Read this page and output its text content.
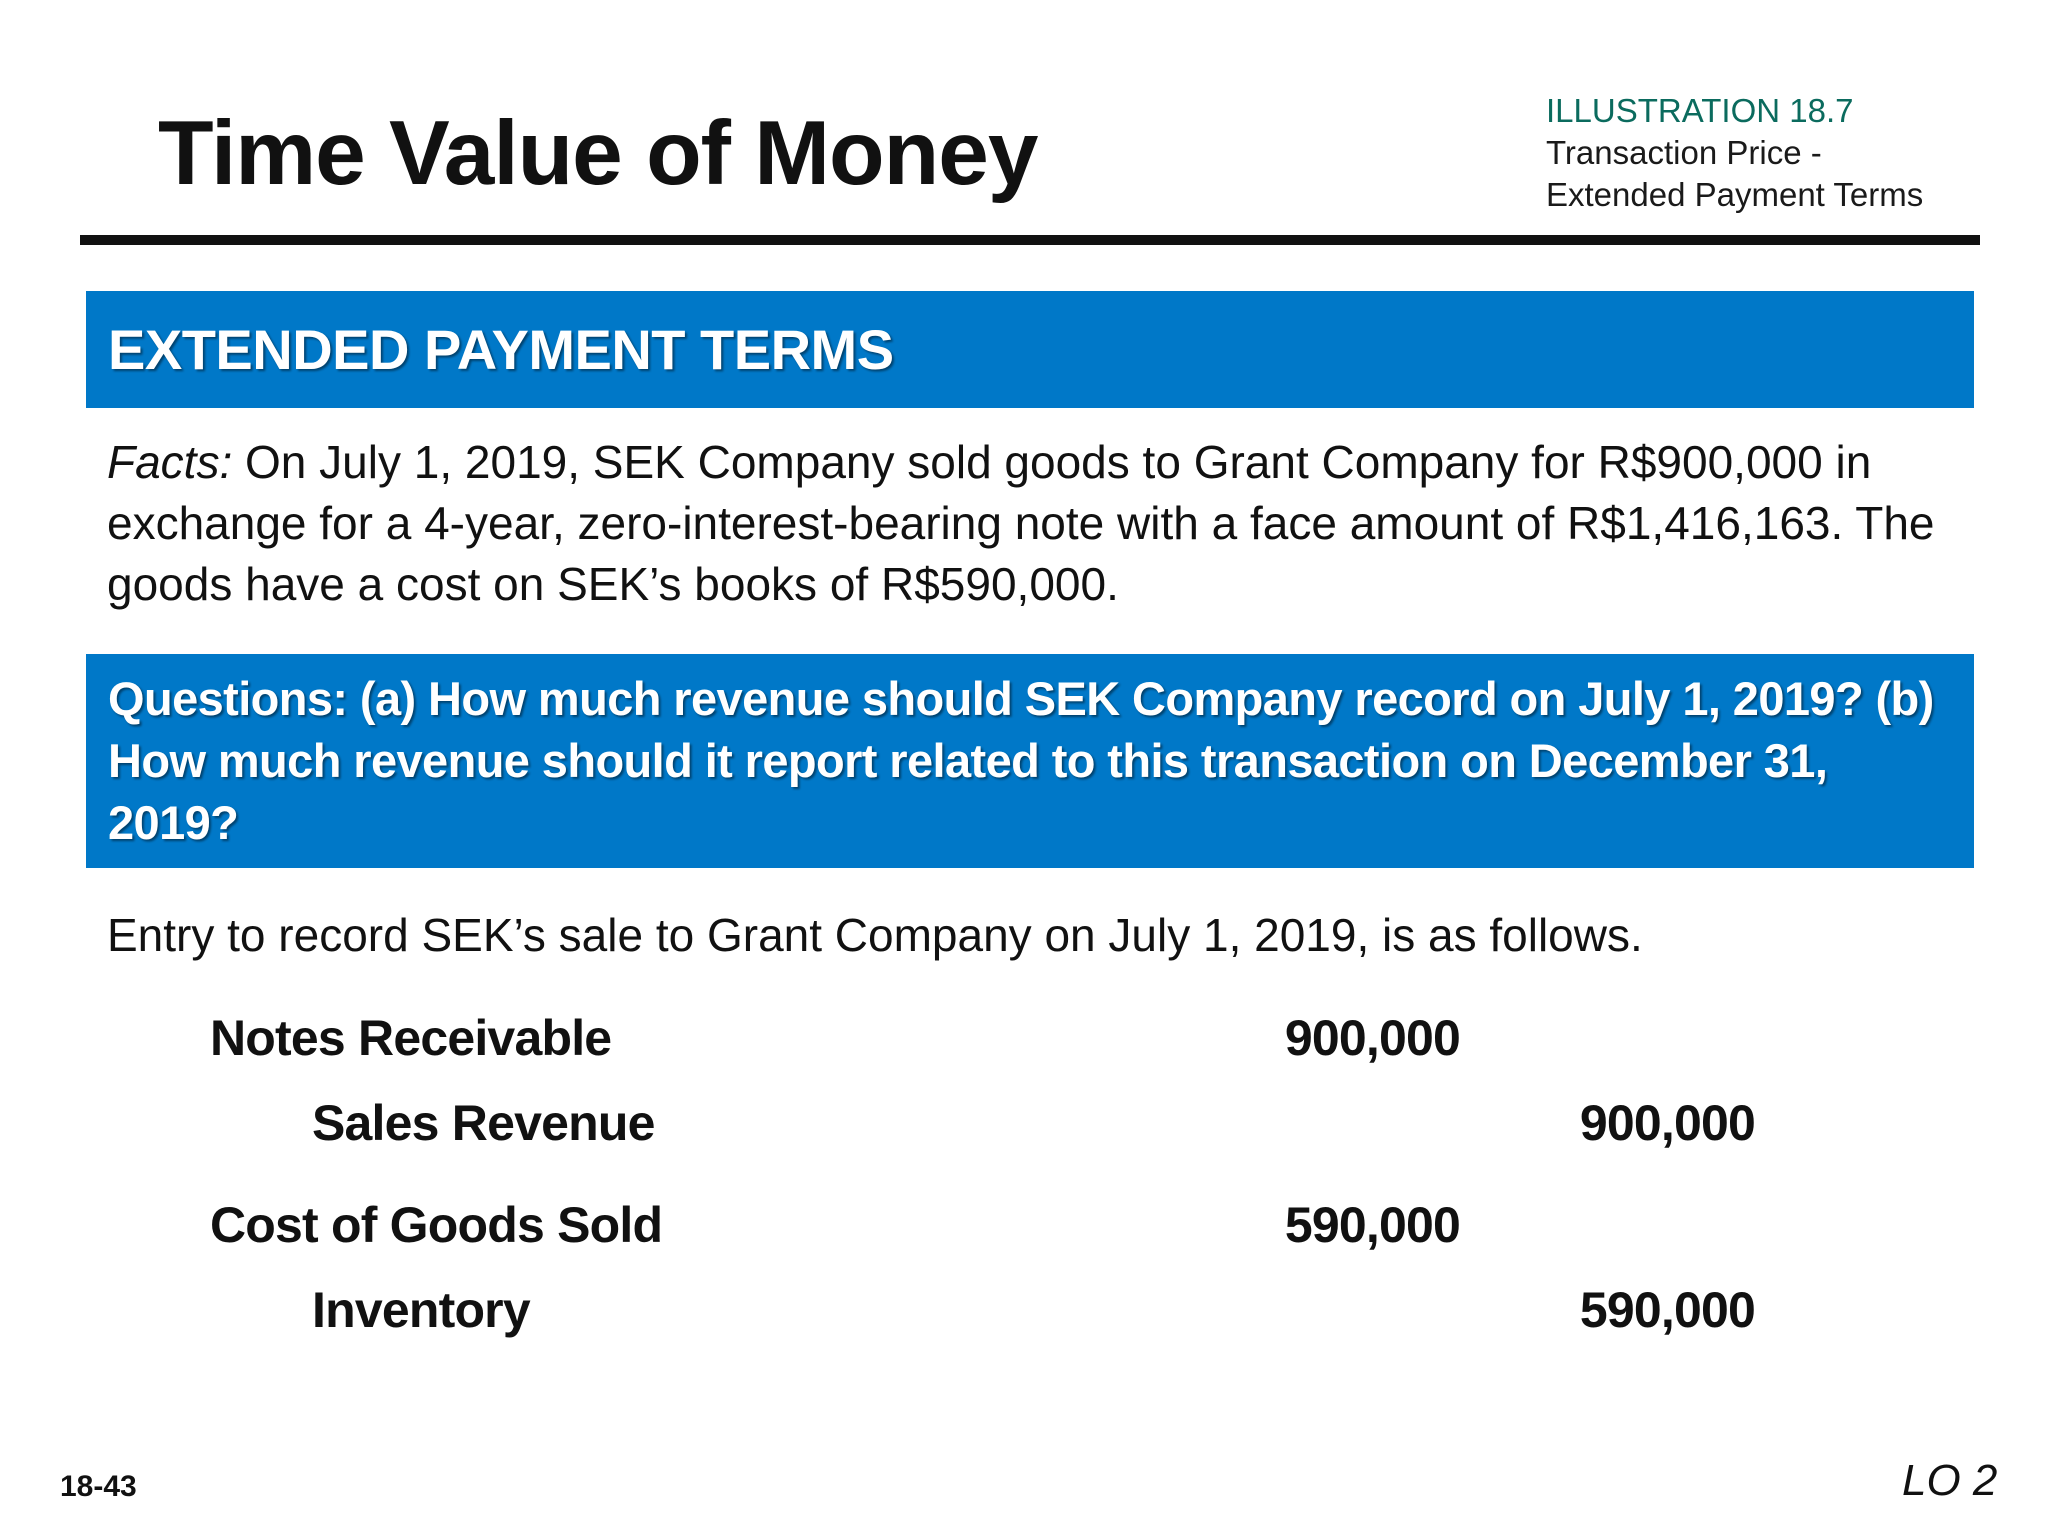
Time Value of Money	ILLUSTRATION 18.7
Transaction Price -
Extended Payment Terms
EXTENDED PAYMENT TERMS
Facts: On July 1, 2019, SEK Company sold goods to Grant Company for R$900,000 in exchange for a 4-year, zero-interest-bearing note with a face amount of R$1,416,163. The goods have a cost on SEK’s books of R$590,000.
Questions: (a) How much revenue should SEK Company record on July 1, 2019? (b) How much revenue should it report related to this transaction on December 31, 2019?
Entry to record SEK’s sale to Grant Company on July 1, 2019, is as follows.
Notes Receivable	900,000
Sales Revenue	900,000
Cost of Goods Sold	590,000
Inventory	590,000
18-43	LO 2
